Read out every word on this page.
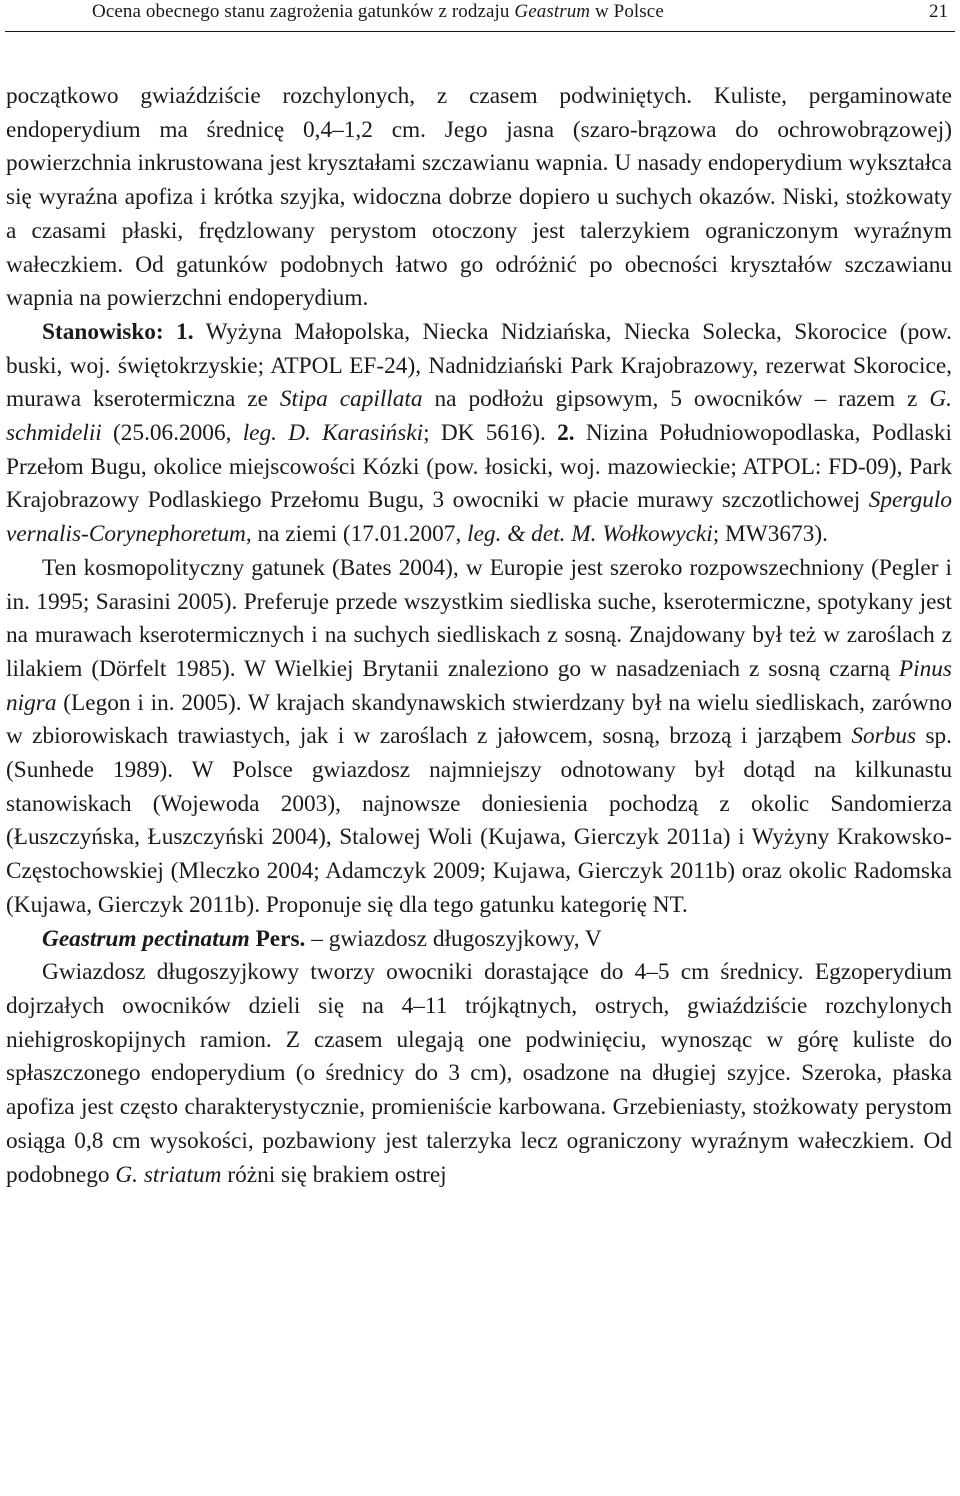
Ocena obecnego stanu zagrożenia gatunków z rodzaju Geastrum w Polsce	21

początkowo gwiaździście rozchylonych, z czasem podwiniętych. Kuliste, pergaminowate endoperydium ma średnicę 0,4‒1,2 cm. Jego jasna (szaro-brązowa do ochrowobrązowej) powierzchnia inkrustowana jest kryształami szczawianu wapnia. U nasady endoperydium wykształca się wyraźna apofiza i krótka szyjka, widoczna dobrze dopiero u suchych okazów. Niski, stożkowaty a czasami płaski, frędzlowany perystom otoczony jest talerzykiem ograniczonym wyraźnym wałeczkiem. Od gatunków podobnych łatwo go odróżnić po obecności kryształów szczawianu wapnia na powierzchni endoperydium.

Stanowisko: 1. Wyżyna Małopolska, Niecka Nidziańska, Niecka Solecka, Skorocice (pow. buski, woj. świętokrzyskie; ATPOL EF-24), Nadnidziański Park Krajobrazowy, rezerwat Skorocice, murawa kserotermiczna ze Stipa capillata na podłożu gipsowym, 5 owocników – razem z G. schmidelii (25.06.2006, leg. D. Karasiński; DK 5616). 2. Nizina Południowopodlaska, Podlaski Przełom Bugu, okolice miejscowości Kózki (pow. łosicki, woj. mazowieckie; ATPOL: FD-09), Park Krajobrazowy Podlaskiego Przełomu Bugu, 3 owocniki w płacie murawy szczotlichowej Spergulo vernalis-Corynephoretum, na ziemi (17.01.2007, leg. & det. M. Wołkowycki; MW3673).

Ten kosmopolityczny gatunek (Bates 2004), w Europie jest szeroko rozpowszechniony (Pegler i in. 1995; Sarasini 2005). Preferuje przede wszystkim siedliska suche, kserotermiczne, spotykany jest na murawach kserotermicznych i na suchych siedliskach z sosną. Znajdowany był też w zaroślach z lilakiem (Dörfelt 1985). W Wielkiej Brytanii znaleziono go w nasadzeniach z sosną czarną Pinus nigra (Legon i in. 2005). W krajach skandynawskich stwierdzany był na wielu siedliskach, zarówno w zbiorowiskach trawiastych, jak i w zaroślach z jałowcem, sosną, brzozą i jarząbem Sorbus sp. (Sunhede 1989). W Polsce gwiazdosz najmniejszy odnotowany był dotąd na kilkunastu stanowiskach (Wojewoda 2003), najnowsze doniesienia pochodzą z okolic Sandomierza (Łuszczyńska, Łuszczyński 2004), Stalowej Woli (Kujawa, Gierczyk 2011a) i Wyżyny Krakowsko-Częstochowskiej (Mleczko 2004; Adamczyk 2009; Kujawa, Gierczyk 2011b) oraz okolic Radomska (Kujawa, Gierczyk 2011b). Proponuje się dla tego gatunku kategorię NT.

Geastrum pectinatum Pers. – gwiazdosz długoszyjkowy, V

Gwiazdosz długoszyjkowy tworzy owocniki dorastające do 4‒5 cm średnicy. Egzoperydium dojrzałych owocników dzieli się na 4‒11 trójkątnych, ostrych, gwiaździście rozchylonych niehigroskopijnych ramion. Z czasem ulegają one podwinięciu, wynosząc w górę kuliste do spłaszczonego endoperydium (o średnicy do 3 cm), osadzone na długiej szyjce. Szeroka, płaska apofiza jest często charakterystycznie, promieniście karbowana. Grzebieniasty, stożkowaty perystom osiąga 0,8 cm wysokości, pozbawiony jest talerzyka lecz ograniczony wyraźnym wałeczkiem. Od podobnego G. striatum różni się brakiem ostrej
